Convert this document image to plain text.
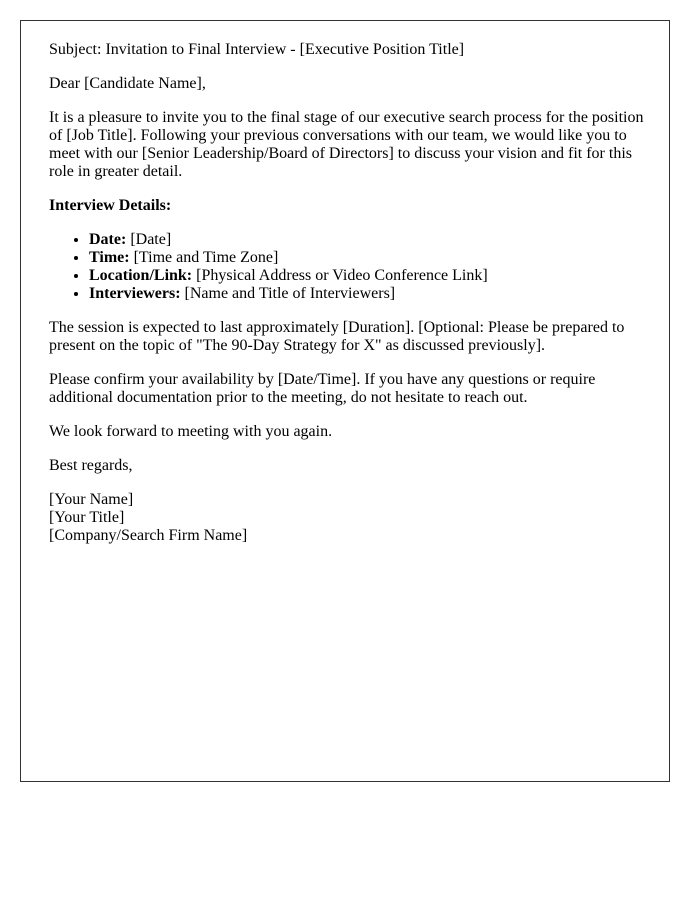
Subject: Invitation to Final Interview - [Executive Position Title]

Dear [Candidate Name],

It is a pleasure to invite you to the final stage of our executive search process for the position of [Job Title]. Following your previous conversations with our team, we would like you to meet with our [Senior Leadership/Board of Directors] to discuss your vision and fit for this role in greater detail.

Interview Details:

• Date: [Date]
• Time: [Time and Time Zone]
• Location/Link: [Physical Address or Video Conference Link]
• Interviewers: [Name and Title of Interviewers]

The session is expected to last approximately [Duration]. [Optional: Please be prepared to present on the topic of "The 90-Day Strategy for X" as discussed previously].

Please confirm your availability by [Date/Time]. If you have any questions or require additional documentation prior to the meeting, do not hesitate to reach out.

We look forward to meeting with you again.

Best regards,

[Your Name]

[Your Title]

[Company/Search Firm Name]
